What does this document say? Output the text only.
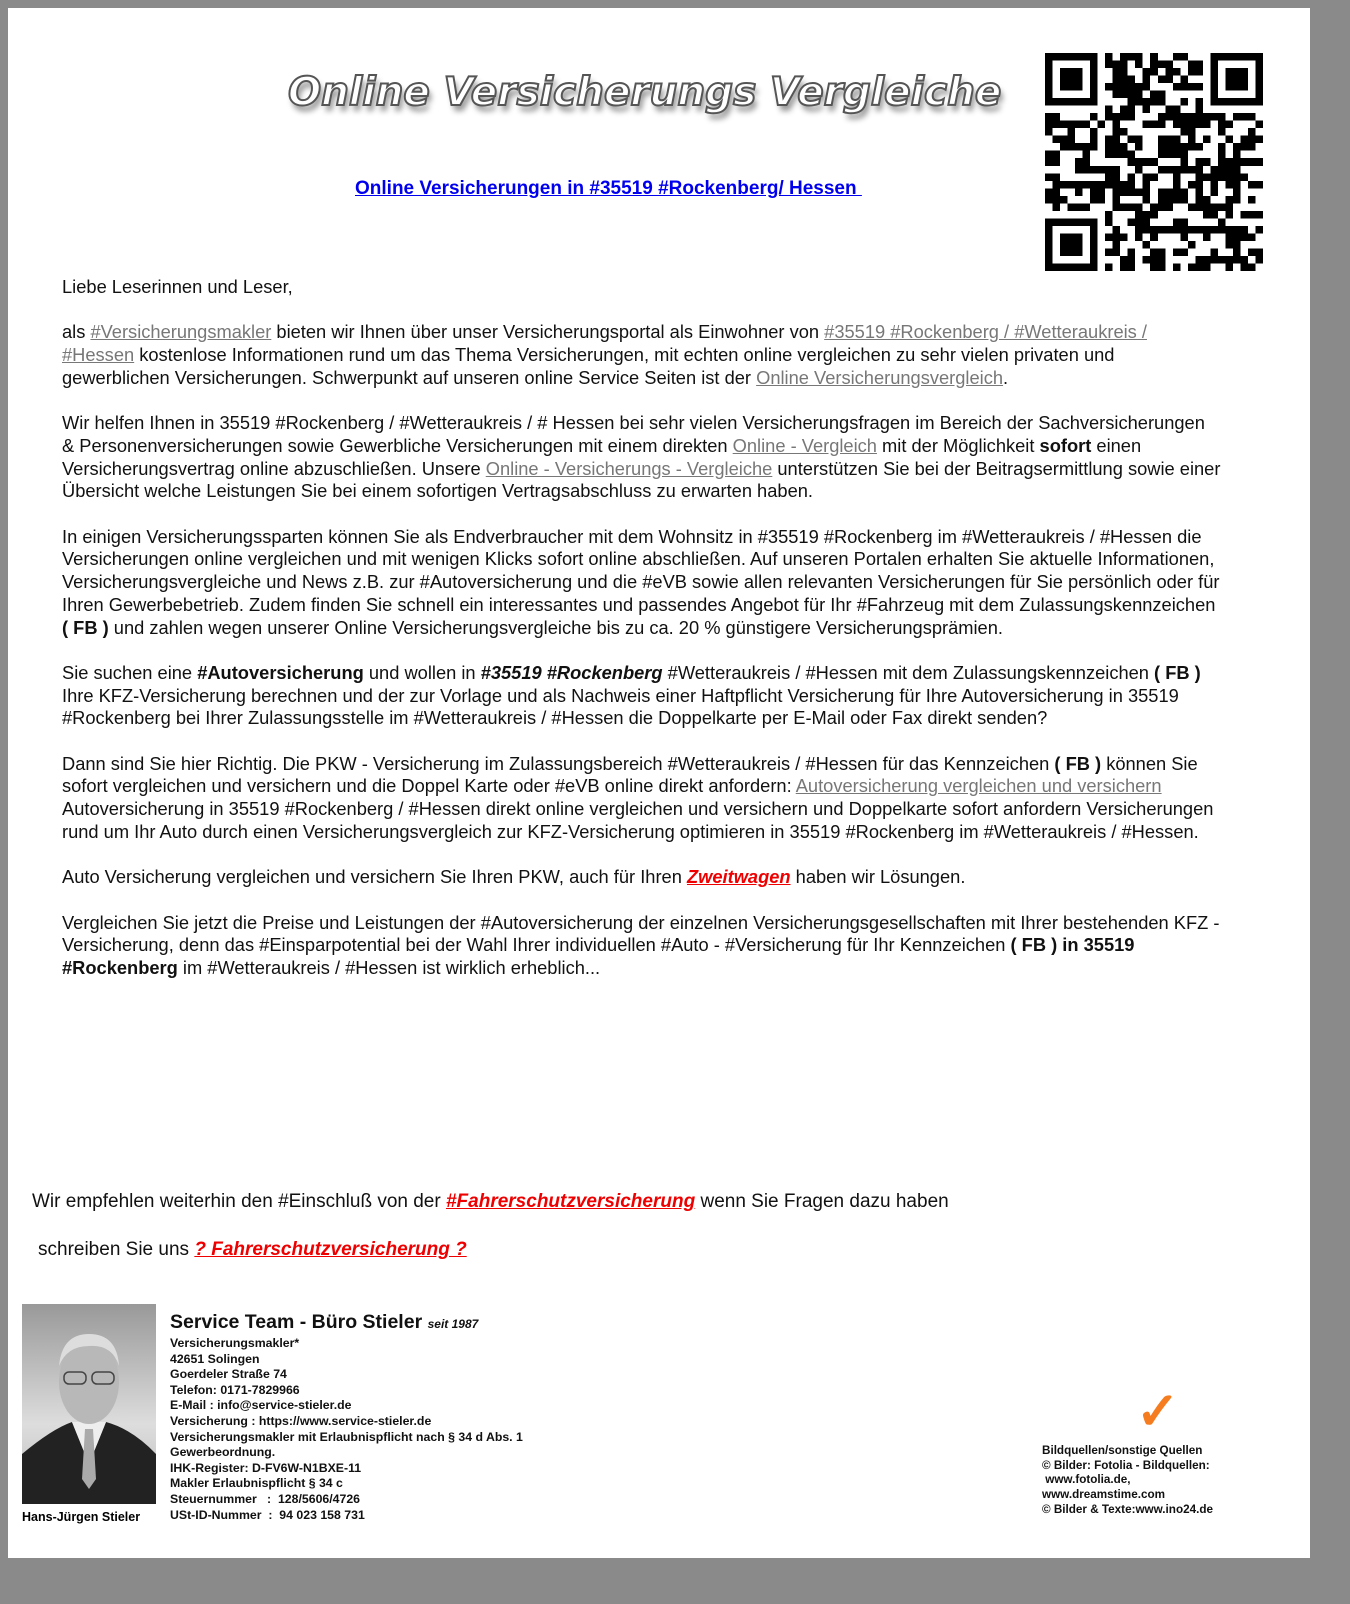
Online Versicherungs Vergleiche
Online Versicherungen in #35519 #Rockenberg/ Hessen

Liebe Leserinnen und Leser,

als #Versicherungsmakler bieten wir Ihnen über unser Versicherungsportal als Einwohner von #35519 #Rockenberg / #Wetteraukreis / #Hessen kostenlose Informationen rund um das Thema Versicherungen, mit echten online vergleichen zu sehr vielen privaten und gewerblichen Versicherungen. Schwerpunkt auf unseren online Service Seiten ist der Online Versicherungsvergleich.

Wir helfen Ihnen in 35519 #Rockenberg / #Wetteraukreis / # Hessen bei sehr vielen Versicherungsfragen im Bereich der Sachversicherungen & Personenversicherungen sowie Gewerbliche Versicherungen mit einem direkten Online - Vergleich mit der Möglichkeit sofort einen Versicherungsvertrag online abzuschließen. Unsere Online - Versicherungs - Vergleiche unterstützen Sie bei der Beitragsermittlung sowie einer Übersicht welche Leistungen Sie bei einem sofortigen Vertragsabschluss zu erwarten haben.

In einigen Versicherungssparten können Sie als Endverbraucher mit dem Wohnsitz in #35519 #Rockenberg im #Wetteraukreis / #Hessen die Versicherungen online vergleichen und mit wenigen Klicks sofort online abschließen. Auf unseren Portalen erhalten Sie aktuelle Informationen, Versicherungsvergleiche und News z.B. zur #Autoversicherung und die #eVB sowie allen relevanten Versicherungen für Sie persönlich oder für Ihren Gewerbebetrieb. Zudem finden Sie schnell ein interessantes und passendes Angebot für Ihr #Fahrzeug mit dem Zulassungskennzeichen ( FB ) und zahlen wegen unserer Online Versicherungsvergleiche bis zu ca. 20 % günstigere Versicherungsprämien.

Sie suchen eine #Autoversicherung und wollen in #35519 #Rockenberg #Wetteraukreis / #Hessen mit dem Zulassungskennzeichen ( FB ) Ihre KFZ-Versicherung berechnen und der zur Vorlage und als Nachweis einer Haftpflicht Versicherung für Ihre Autoversicherung in 35519 #Rockenberg bei Ihrer Zulassungsstelle im #Wetteraukreis / #Hessen die Doppelkarte per E-Mail oder Fax direkt senden?

Dann sind Sie hier Richtig. Die PKW - Versicherung im Zulassungsbereich #Wetteraukreis / #Hessen für das Kennzeichen ( FB ) können Sie sofort vergleichen und versichern und die Doppel Karte oder #eVB online direkt anfordern: Autoversicherung vergleichen und versichern Autoversicherung in 35519 #Rockenberg / #Hessen direkt online vergleichen und versichern und Doppelkarte sofort anfordern Versicherungen rund um Ihr Auto durch einen Versicherungsvergleich zur KFZ-Versicherung optimieren in 35519 #Rockenberg im #Wetteraukreis / #Hessen.

Auto Versicherung vergleichen und versichern Sie Ihren PKW, auch für Ihren Zweitwagen haben wir Lösungen.

Vergleichen Sie jetzt die Preise und Leistungen der #Autoversicherung der einzelnen Versicherungsgesellschaften mit Ihrer bestehenden KFZ - Versicherung, denn das #Einsparpotential bei der Wahl Ihrer individuellen #Auto - #Versicherung für Ihr Kennzeichen ( FB ) in 35519 #Rockenberg im #Wetteraukreis / #Hessen ist wirklich erheblich...

Wir empfehlen weiterhin den #Einschluß von der #Fahrerschutzversicherung wenn Sie Fragen dazu haben
schreiben Sie uns ? Fahrerschutzversicherung ?
Hans-Jürgen Stieler
Service Team - Büro Stieler seit 1987
Versicherungsmakler*
42651 Solingen
Goerdeler Straße 74
Telefon: 0171-7829966
E-Mail : info@service-stieler.de
Versicherung : https://www.service-stieler.de
Versicherungsmakler mit Erlaubnispflicht nach § 34 d Abs. 1
Gewerbeordnung.
IHK-Register: D-FV6W-N1BXE-11
Makler Erlaubnispflicht § 34 c
Steuernummer   :  128/5606/4726
USt-ID-Nummer  :  94 023 158 731
✓
Bildquellen/sonstige Quellen
© Bilder: Fotolia - Bildquellen:
www.fotolia.de,
www.dreamstime.com
© Bilder & Texte:www.ino24.de
